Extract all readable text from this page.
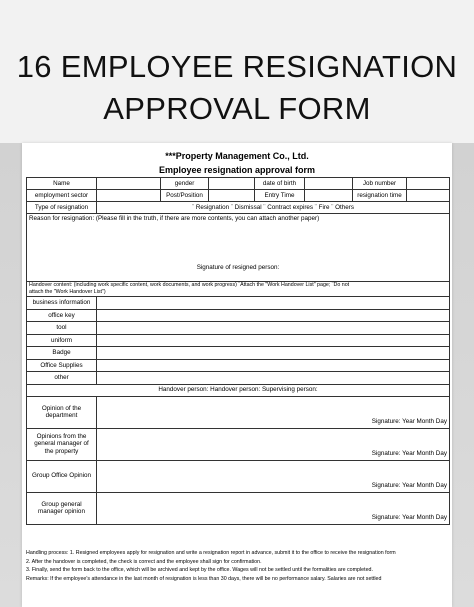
16 EMPLOYEE RESIGNATION
APPROVAL FORM
***Property Management Co., Ltd.
Employee resignation approval form
Name		gender		date of birth		Job number	
employment sector		Post/Position		Entry Time		resignation time	
Type of resignation	¨ Resignation ¨ Dismissal ¨ Contract expires ¨ Fire ¨ Others						

Reason for resignation: (Please fill in the truth, if there are more contents, you can attach another paper)
Signature of resigned person:							

Handover content: (including work specific content, work documents, and work progress) ¨Attach the "Work Handover List" page; ¨Do not
attach the "Work Handover List")							

business information							
office key							
tool							
uniform							
Badge							
Office Supplies							
other							
Handover person: Handover person: Supervising person:							
Opinion of the department	Signature: Year Month Day						

Opinions from the general manager of the property	Signature: Year Month Day						

Group Office Opinion	Signature: Year Month Day						

Group general manager opinion	Signature: Year Month Day						
Handling process: 1. Resigned employees apply for resignation and write a resignation report in advance, submit it to the office to receive the resignation form
2. After the handover is completed, the check is correct and the employee shall sign for confirmation.
3. Finally, send the form back to the office, which will be archived and kept by the office. Wages will not be settled until the formalities are completed.
Remarks: If the employee's attendance in the last month of resignation is less than 30 days, there will be no performance salary. Salaries are not settled
